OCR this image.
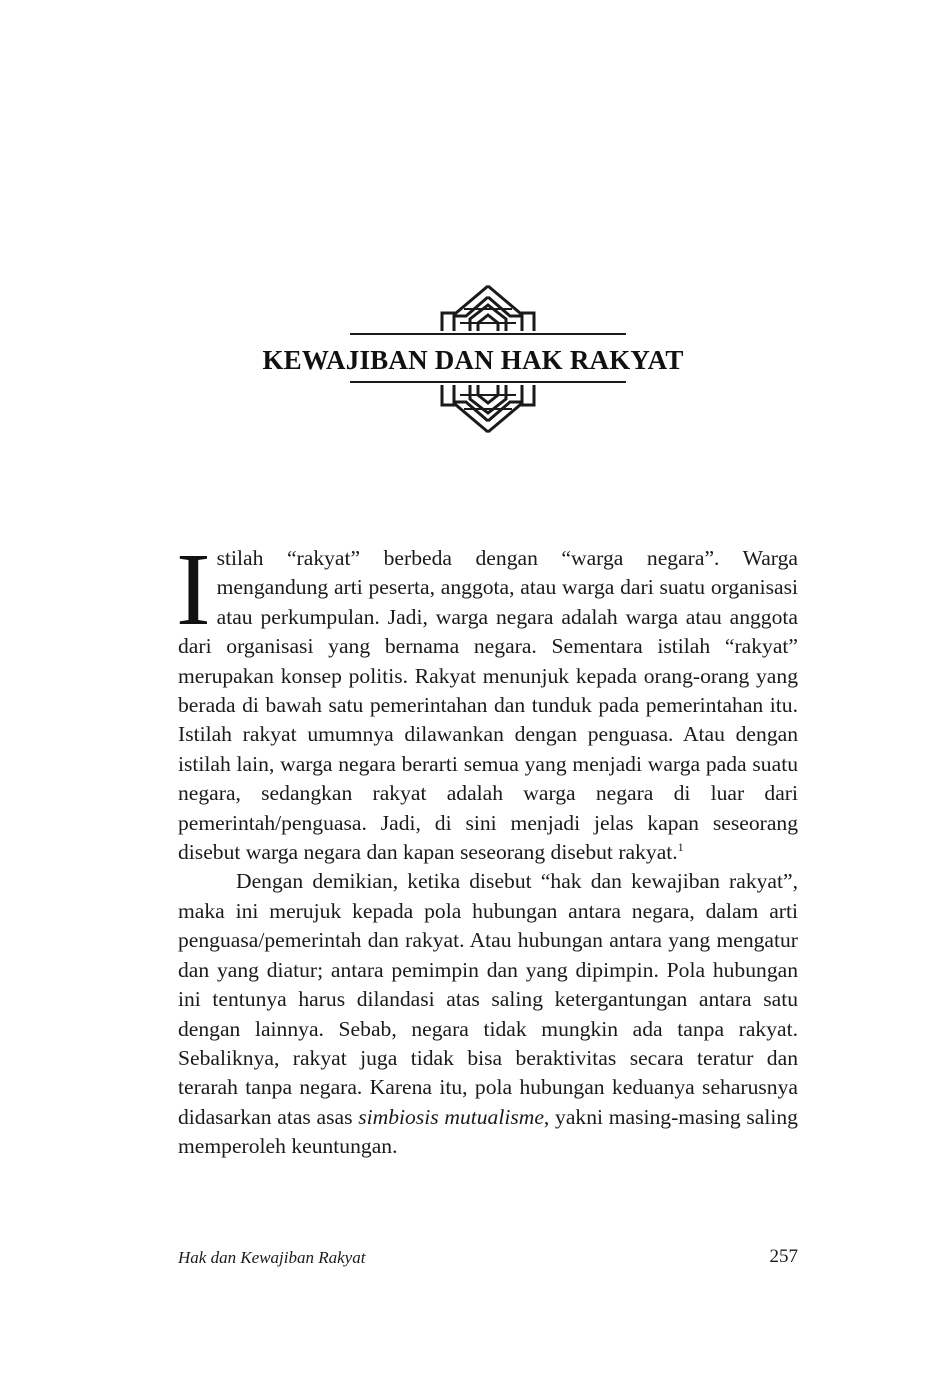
KEWAJIBAN DAN HAK RAKYAT

Istilah “rakyat” berbeda dengan “warga negara”. Warga mengandung arti peserta, anggota, atau warga dari suatu organisasi atau perkumpulan. Jadi, warga negara adalah warga atau anggota dari organisasi yang bernama negara. Sementara istilah “rakyat” merupakan konsep politis. Rakyat menunjuk kepada orang-orang yang berada di bawah satu pemerintahan dan tunduk pada pemerintahan itu. Istilah rakyat umumnya dilawankan dengan penguasa. Atau dengan istilah lain, warga negara berarti semua yang menjadi warga pada suatu negara, sedangkan rakyat adalah warga negara di luar dari pemerintah/penguasa. Jadi, di sini menjadi jelas kapan seseorang disebut warga negara dan kapan seseorang disebut rakyat.$^1$

Dengan demikian, ketika disebut “hak dan kewajiban rakyat”, maka ini merujuk kepada pola hubungan antara negara, dalam arti penguasa/pemerintah dan rakyat. Atau hubungan antara yang mengatur dan yang diatur; antara pemimpin dan yang dipimpin. Pola hubungan ini tentunya harus dilandasi atas saling ketergantungan antara satu dengan lainnya. Sebab, negara tidak mungkin ada tanpa rakyat. Sebaliknya, rakyat juga tidak bisa beraktivitas secara teratur dan terarah tanpa negara. Karena itu, pola hubungan keduanya seharusnya didasarkan atas asas simbiosis mutualisme, yakni masing-masing saling memperoleh keuntungan.

Hak dan Kewajiban Rakyat	257
